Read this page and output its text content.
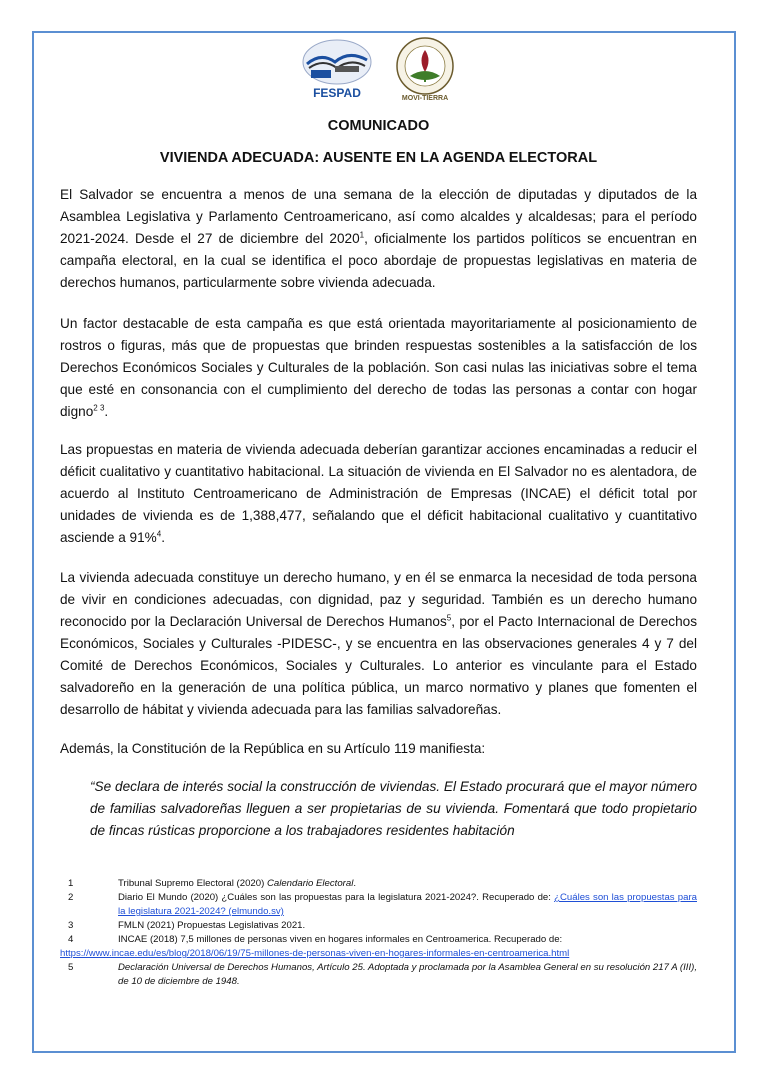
FESPAD	MOVI-TIERRA

COMUNICADO

VIVIENDA ADECUADA: AUSENTE EN LA AGENDA ELECTORAL

El Salvador se encuentra a menos de una semana de la elección de diputadas y diputados de la Asamblea Legislativa y Parlamento Centroamericano, así como alcaldes y alcaldesas; para el período 2021-2024. Desde el 27 de diciembre del 2020$^1$, oficialmente los partidos políticos se encuentran en campaña electoral, en la cual se identifica el poco abordaje de propuestas legislativas en materia de derechos humanos, particularmente sobre vivienda adecuada.

Un factor destacable de esta campaña es que está orientada mayoritariamente al posicionamiento de rostros o figuras, más que de propuestas que brinden respuestas sostenibles a la satisfacción de los Derechos Económicos Sociales y Culturales de la población. Son casi nulas las iniciativas sobre el tema que esté en consonancia con el cumplimiento del derecho de todas las personas a contar con hogar digno$^{2 3}$.

Las propuestas en materia de vivienda adecuada deberían garantizar acciones encaminadas a reducir el déficit cualitativo y cuantitativo habitacional. La situación de vivienda en El Salvador no es alentadora, de acuerdo al Instituto Centroamericano de Administración de Empresas (INCAE) el déficit total por unidades de vivienda es de 1,388,477, señalando que el déficit habitacional cualitativo y cuantitativo asciende a 91%$^4$.

La vivienda adecuada constituye un derecho humano, y en él se enmarca la necesidad de toda persona de vivir en condiciones adecuadas, con dignidad, paz y seguridad. También es un derecho humano reconocido por la Declaración Universal de Derechos Humanos$^5$, por el Pacto Internacional de Derechos Económicos, Sociales y Culturales -PIDESC-, y se encuentra en las observaciones generales 4 y 7 del Comité de Derechos Económicos, Sociales y Culturales. Lo anterior es vinculante para el Estado salvadoreño en la generación de una política pública, un marco normativo y planes que fomenten el desarrollo de hábitat y vivienda adecuada para las familias salvadoreñas.

Además, la Constitución de la República en su Artículo 119 manifiesta:

“Se declara de interés social la construcción de viviendas. El Estado procurará que el mayor número de familias salvadoreñas lleguen a ser propietarias de su vivienda. Fomentará que todo propietario de fincas rústicas proporcione a los trabajadores residentes habitación

1	Tribunal Supremo Electoral (2020) Calendario Electoral.
2	Diario El Mundo (2020) ¿Cuáles son las propuestas para la legislatura 2021-2024?. Recuperado de: ¿Cuáles son las propuestas para la legislatura 2021-2024? (elmundo.sv)
3	FMLN (2021) Propuestas Legislativas 2021.
4	INCAE (2018) 7,5 millones de personas viven en hogares informales en Centroamerica. Recuperado de:
https://www.incae.edu/es/blog/2018/06/19/75-millones-de-personas-viven-en-hogares-informales-en-centroamerica.html
5	Declaración Universal de Derechos Humanos, Artículo 25. Adoptada y proclamada por la Asamblea General en su resolución 217 A (III), de 10 de diciembre de 1948.
